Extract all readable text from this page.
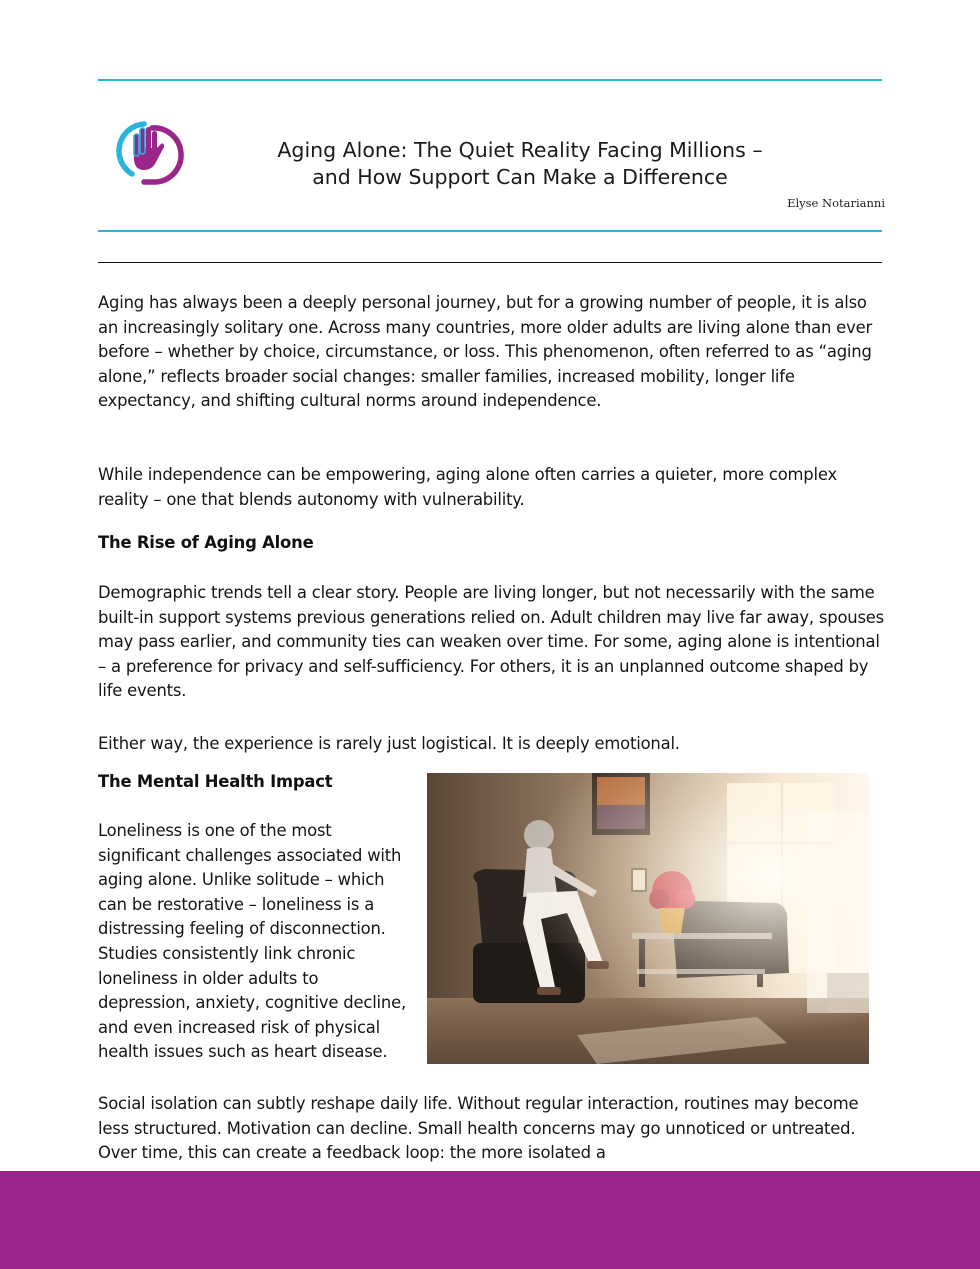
Aging Alone: The Quiet Reality Facing Millions –
and How Support Can Make a Difference
Elyse Notarianni

Aging has always been a deeply personal journey, but for a growing number of people, it is also an increasingly solitary one. Across many countries, more older adults are living alone than ever before – whether by choice, circumstance, or loss. This phenomenon, often referred to as “aging alone,” reflects broader social changes: smaller families, increased mobility, longer life expectancy, and shifting cultural norms around independence.

While independence can be empowering, aging alone often carries a quieter, more complex reality – one that blends autonomy with vulnerability.

The Rise of Aging Alone

Demographic trends tell a clear story. People are living longer, but not necessarily with the same built-in support systems previous generations relied on. Adult children may live far away, spouses may pass earlier, and community ties can weaken over time. For some, aging alone is intentional – a preference for privacy and self-sufficiency. For others, it is an unplanned outcome shaped by life events.

Either way, the experience is rarely just logistical. It is deeply emotional.

The Mental Health Impact

Loneliness is one of the most significant challenges associated with aging alone. Unlike solitude – which can be restorative – loneliness is a distressing feeling of disconnection. Studies consistently link chronic loneliness in older adults to depression, anxiety, cognitive decline, and even increased risk of physical health issues such as heart disease.

Social isolation can subtly reshape daily life. Without regular interaction, routines may become less structured. Motivation can decline. Small health concerns may go unnoticed or untreated. Over time, this can create a feedback loop: the more isolated a
